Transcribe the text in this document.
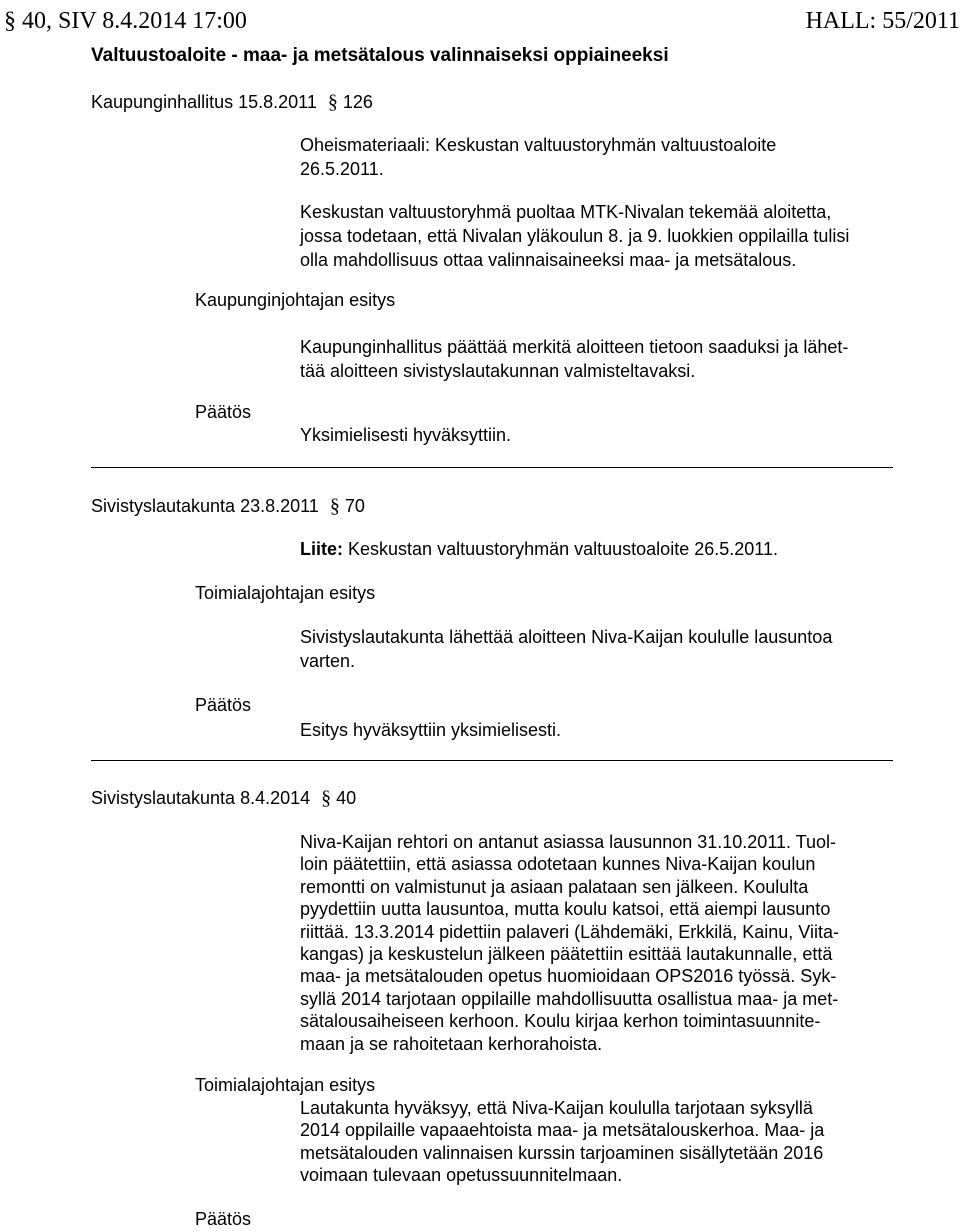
§ 40, SIV 8.4.2014 17:00	HALL: 55/2011
Valtuustoaloite - maa- ja metsätalous valinnaiseksi oppiaineeksi
Kaupunginhallitus 15.8.2011 § 126
Oheismateriaali: Keskustan valtuustoryhmän valtuustoaloite
26.5.2011.
Keskustan valtuustoryhmä puoltaa MTK-Nivalan tekemää aloitetta,
jossa todetaan, että Nivalan yläkoulun 8. ja 9. luokkien oppilailla tulisi
olla mahdollisuus ottaa valinnaisaineeksi maa- ja metsätalous.
Kaupunginjohtajan esitys
Kaupunginhallitus päättää merkitä aloitteen tietoon saaduksi ja lähet-
tää aloitteen sivistyslautakunnan valmisteltavaksi.
Päätös
Yksimielisesti hyväksyttiin.
Sivistyslautakunta 23.8.2011 § 70
Liite: Keskustan valtuustoryhmän valtuustoaloite 26.5.2011.
Toimialajohtajan esitys
Sivistyslautakunta lähettää aloitteen Niva-Kaijan koululle lausuntoa
varten.
Päätös
Esitys hyväksyttiin yksimielisesti.
Sivistyslautakunta 8.4.2014 § 40
Niva-Kaijan rehtori on antanut asiassa lausunnon 31.10.2011. Tuol-
loin päätettiin, että asiassa odotetaan kunnes Niva-Kaijan koulun
remontti on valmistunut ja asiaan palataan sen jälkeen. Koululta
pyydettiin uutta lausuntoa, mutta koulu katsoi, että aiempi lausunto
riittää. 13.3.2014 pidettiin palaveri (Lähdemäki, Erkkilä, Kainu, Viita-
kangas) ja keskustelun jälkeen päätettiin esittää lautakunnalle, että
maa- ja metsätalouden opetus huomioidaan OPS2016 työssä. Syk-
syllä 2014 tarjotaan oppilaille mahdollisuutta osallistua maa- ja met-
sätalousaiheiseen kerhoon. Koulu kirjaa kerhon toimintasuunnite-
maan ja se rahoitetaan kerhorahoista.
Toimialajohtajan esitys
Lautakunta hyväksyy, että Niva-Kaijan koululla tarjotaan syksyllä
2014 oppilaille vapaaehtoista maa- ja metsätalouskerhoa. Maa- ja
metsätalouden valinnaisen kurssin tarjoaminen sisällytetään 2016
voimaan tulevaan opetussuunnitelmaan.
Päätös
